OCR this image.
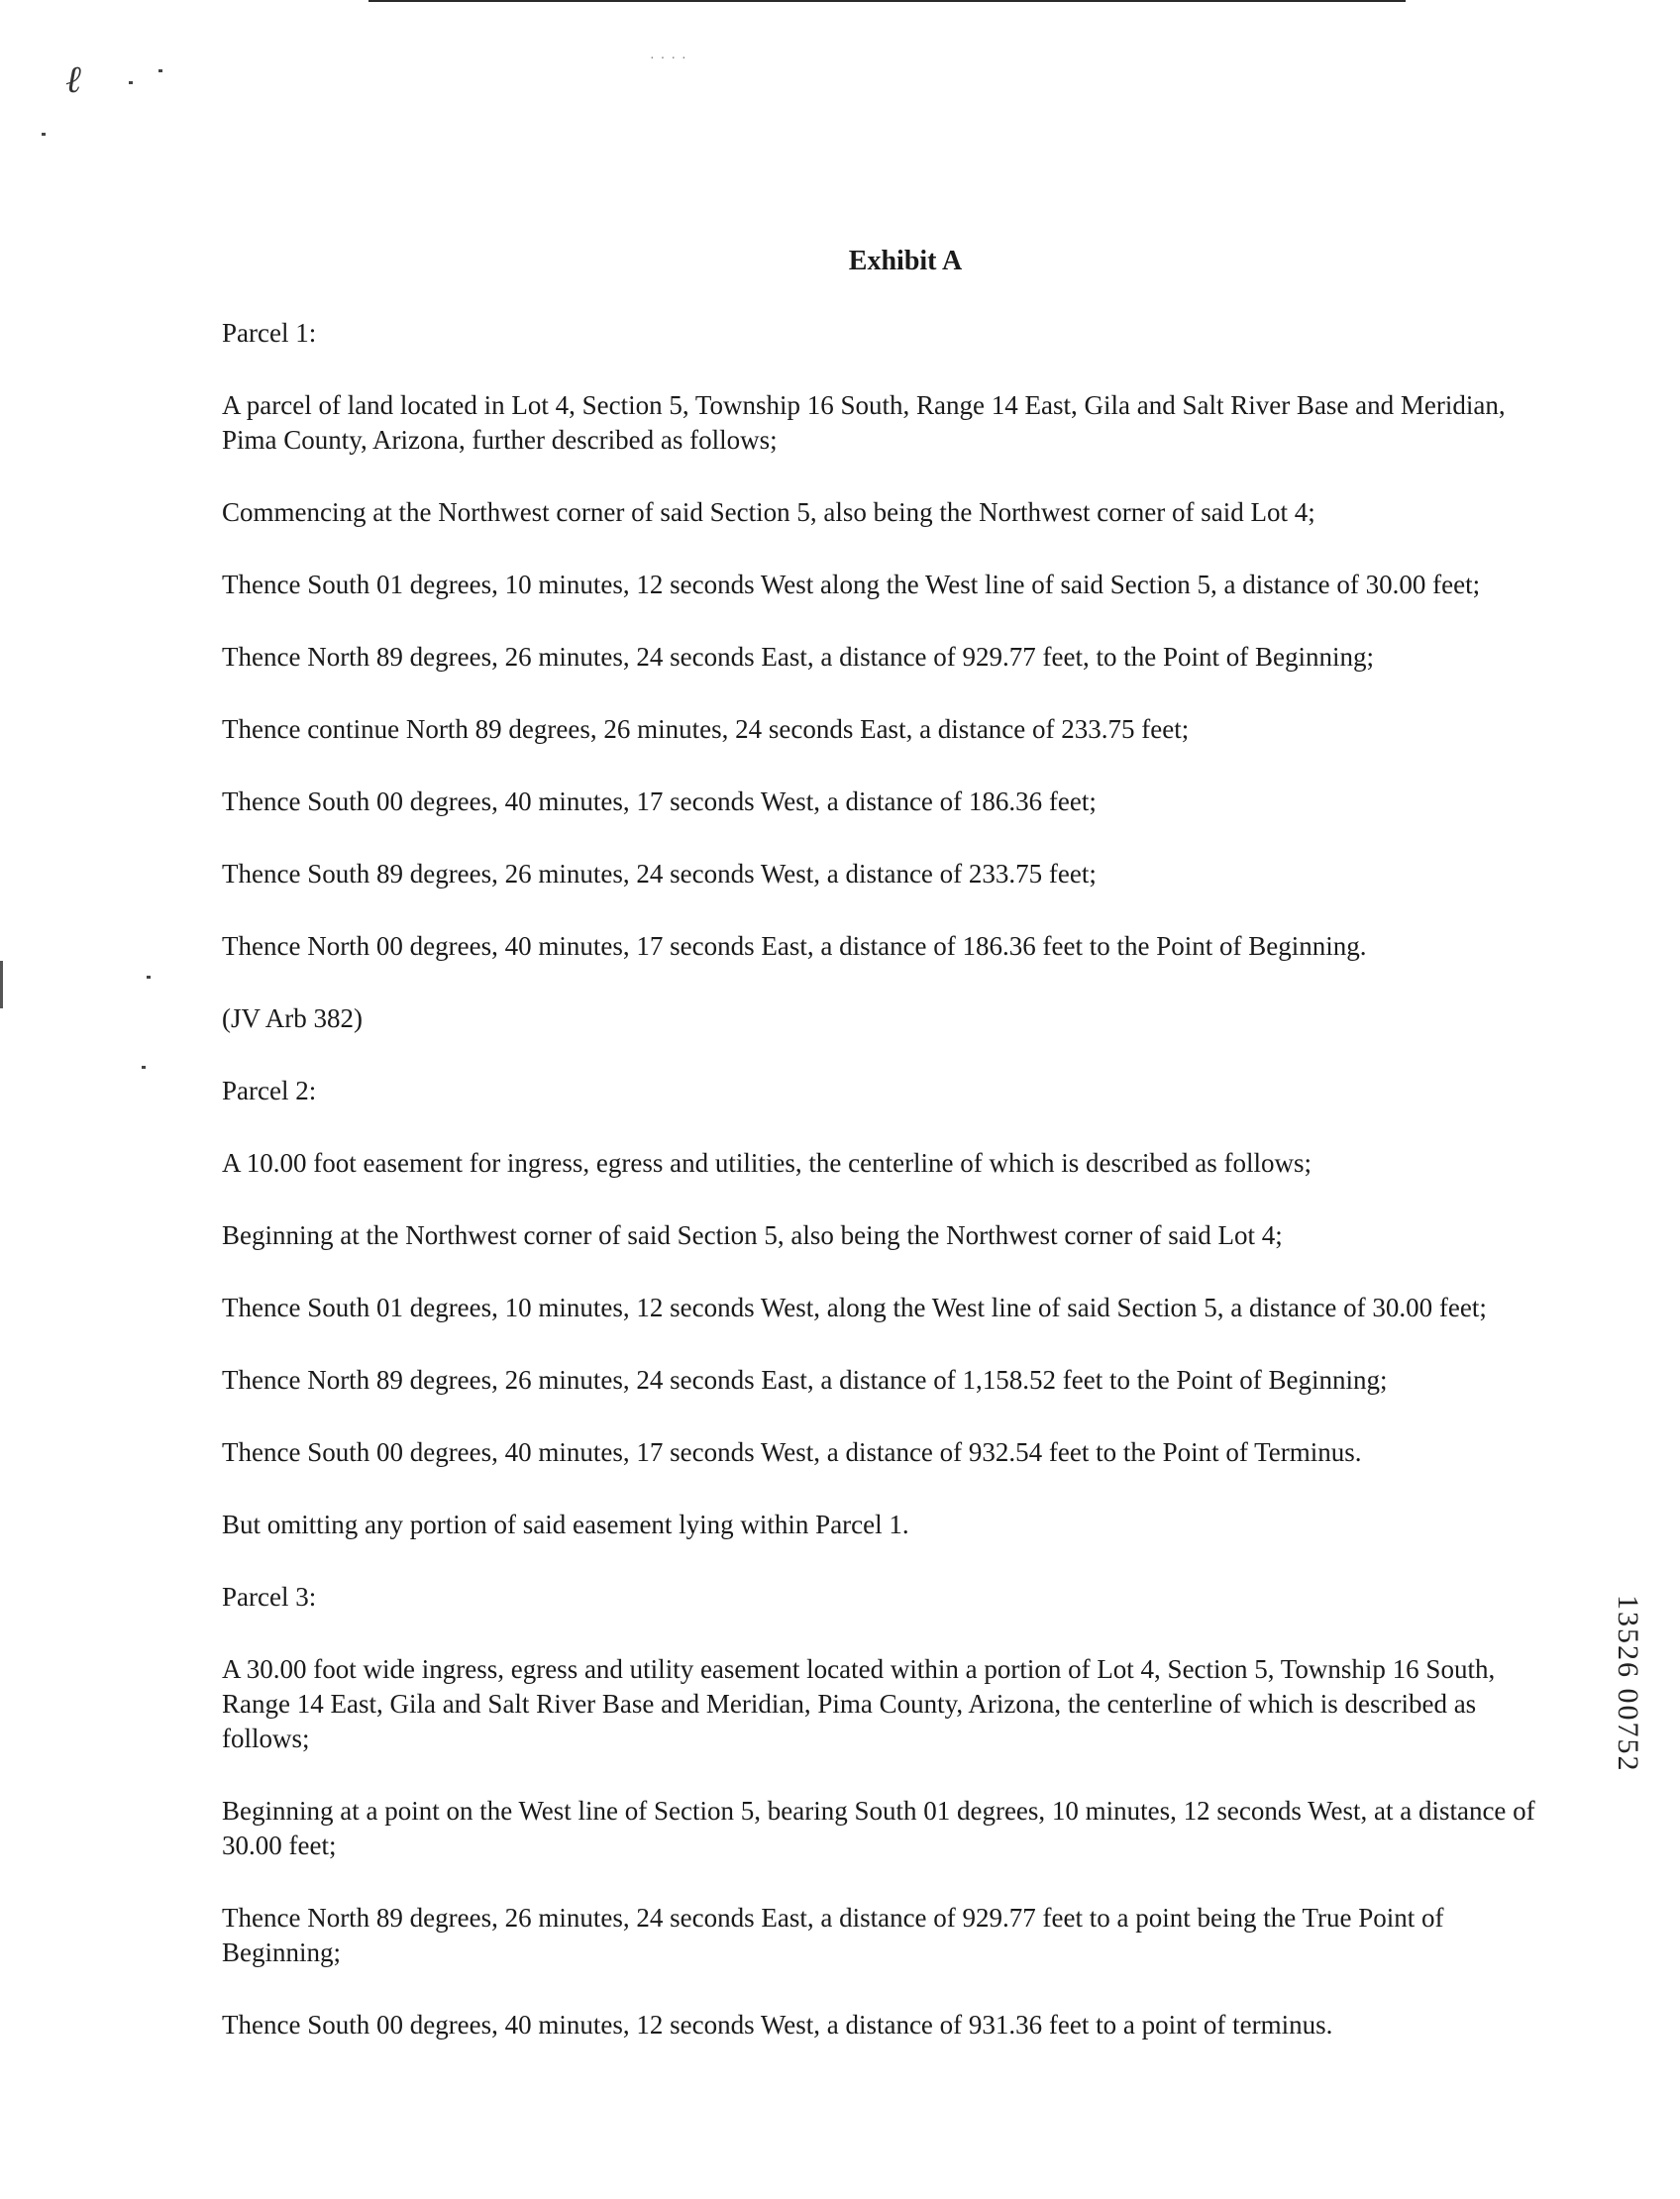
····
ℓ
Exhibit A

Parcel 1:

A parcel of land located in Lot 4, Section 5, Township 16 South, Range 14 East, Gila and Salt River Base and Meridian, Pima County, Arizona, further described as follows;

Commencing at the Northwest corner of said Section 5, also being the Northwest corner of said Lot 4;

Thence South 01 degrees, 10 minutes, 12 seconds West along the West line of said Section 5, a distance of 30.00 feet;

Thence North 89 degrees, 26 minutes, 24 seconds East, a distance of 929.77 feet, to the Point of Beginning;

Thence continue North 89 degrees, 26 minutes, 24 seconds East, a distance of 233.75 feet;

Thence South 00 degrees, 40 minutes, 17 seconds West, a distance of 186.36 feet;

Thence South 89 degrees, 26 minutes, 24 seconds West, a distance of 233.75 feet;

Thence North 00 degrees, 40 minutes, 17 seconds East, a distance of 186.36 feet to the Point of Beginning.

(JV Arb 382)

Parcel 2:

A 10.00 foot easement for ingress, egress and utilities, the centerline of which is described as follows;

Beginning at the Northwest corner of said Section 5, also being the Northwest corner of said Lot 4;

Thence South 01 degrees, 10 minutes, 12 seconds West, along the West line of said Section 5, a distance of 30.00 feet;

Thence North 89 degrees, 26 minutes, 24 seconds East, a distance of 1,158.52 feet to the Point of Beginning;

Thence South 00 degrees, 40 minutes, 17 seconds West, a distance of 932.54 feet to the Point of Terminus.

But omitting any portion of said easement lying within Parcel 1.

Parcel 3:

A 30.00 foot wide ingress, egress and utility easement located within a portion of Lot 4, Section 5, Township 16 South, Range 14 East, Gila and Salt River Base and Meridian, Pima County, Arizona, the centerline of which is described as follows;

Beginning at a point on the West line of Section 5, bearing South 01 degrees, 10 minutes, 12 seconds West, at a distance of 30.00 feet;

Thence North 89 degrees, 26 minutes, 24 seconds East, a distance of 929.77 feet to a point being the True Point of Beginning;

Thence South 00 degrees, 40 minutes, 12 seconds West, a distance of 931.36 feet to a point of terminus.

13526 00752
